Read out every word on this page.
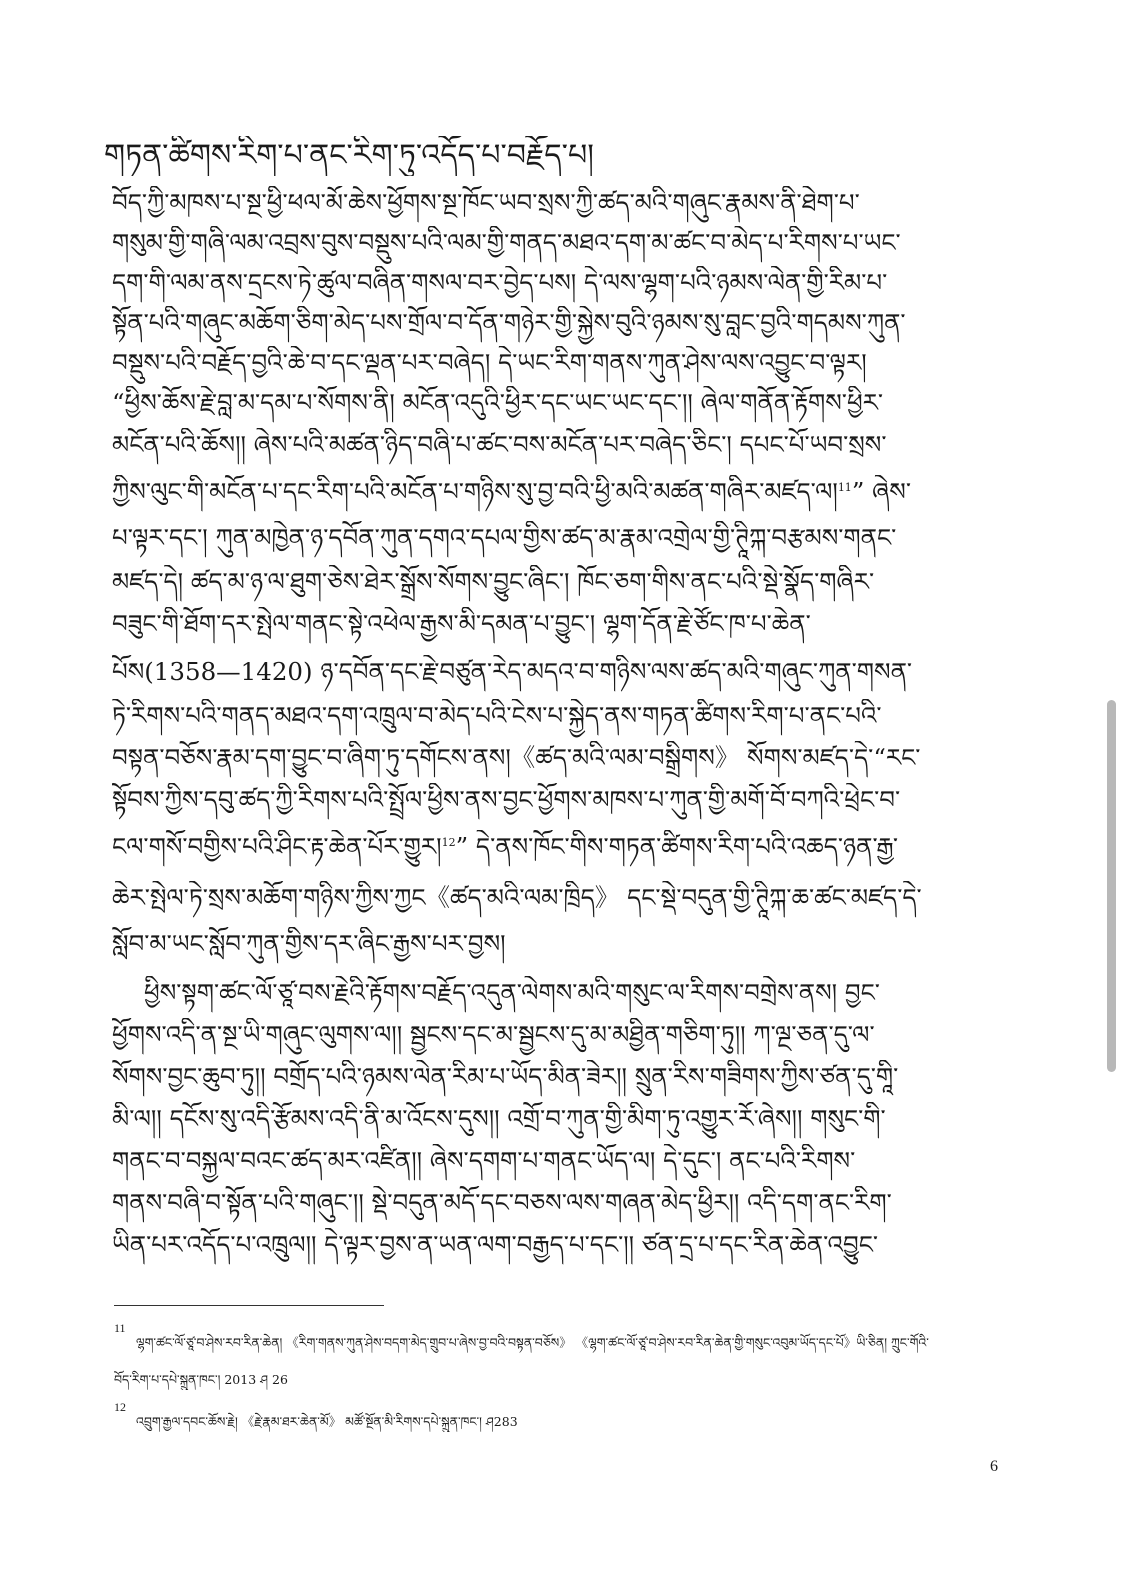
གཏན་ཚིགས་རིག་པ་ནང་རིག་ཏུ་འདོད་པ་བརྗོད་པ།
བོད་ཀྱི་མཁས་པ་སྔ་ཕྱི་ཕལ་མོ་ཆེས་ཕྱོགས་སྔ་ཁོང་ཡབ་སྲས་ཀྱི་ཚད་མའི་གཞུང་རྣམས་ནི་ཐེག་པ་
གསུམ་གྱི་གཞི་ལམ་འབྲས་བུས་བསྡུས་པའི་ལམ་གྱི་གནད་མཐའ་དག་མ་ཚང་བ་མེད་པ་རིགས་པ་ཡང་
དག་གི་ལམ་ནས་དྲངས་ཏེ་ཚུལ་བཞིན་གསལ་བར་བྱེད་པས། དེ་ལས་ལྷག་པའི་ཉམས་ལེན་གྱི་རིམ་པ་
སྟོན་པའི་གཞུང་མཆོག་ཅིག་མེད་པས་གྲོལ་བ་དོན་གཉེར་གྱི་སྐྱེས་བུའི་ཉམས་སུ་བླང་བྱའི་གདམས་ཀུན་
བསྡུས་པའི་བརྗོད་བྱའི་ཆེ་བ་དང་ལྡན་པར་བཞེད། དེ་ཡང་རིག་གནས་ཀུན་ཤེས་ལས་འབྱུང་བ་ལྟར།
“ཕྱིས་ཆོས་རྗེ་བླ་མ་དམ་པ་སོགས་ནི། མངོན་འདུའི་ཕྱིར་དང་ཡང་ཡང་དང་།། ཞེལ་གནོན་རྟོགས་ཕྱིར་
མངོན་པའི་ཆོས།། ཞེས་པའི་མཚན་ཉིད་བཞི་པ་ཚང་བས་མངོན་པར་བཞེད་ཅིང་། དཔང་པོ་ཡབ་སྲས་
ཀྱིས་ལུང་གི་མངོན་པ་དང་རིག་པའི་མངོན་པ་གཉིས་སུ་བྱ་བའི་ཕྱི་མའི་མཚན་གཞིར་མཛད་ལ།$^{11}$” ཞེས་
པ་ལྟར་དང་། ཀུན་མཁྱེན་ཉ་དབོན་ཀུན་དགའ་དཔལ་གྱིས་ཚད་མ་རྣམ་འགྲེལ་གྱི་ཊཱིཀྐ་བརྩམས་གནང་
མཛད་དེ། ཚད་མ་ཉ་ལ་ཐུག་ཅེས་ཐེར་སྒྲོས་སོགས་བྱུང་ཞིང་། ཁོང་ཅག་གིས་ནང་པའི་སྡེ་སྣོད་གཞིར་
བཟུང་གི་ཐོག་དར་སྤེལ་གནང་སྟེ་འཕེལ་རྒྱས་མི་དམན་པ་བྱུང་། ལྷག་དོན་རྗེ་ཙོང་ཁ་པ་ཆེན་
པོས(1358—1420) ཉ་དབོན་དང་རྗེ་བཙུན་རེད་མདའ་བ་གཉིས་ལས་ཚད་མའི་གཞུང་ཀུན་གསན་
ཏེ་རིགས་པའི་གནད་མཐའ་དག་འཁྲུལ་བ་མེད་པའི་ངེས་པ་སྐྱེད་ནས་གཏན་ཚིགས་རིག་པ་ནང་པའི་
བསྟན་བཅོས་རྣམ་དག་བྱུང་བ་ཞིག་ཏུ་དགོངས་ནས།《ཚད་མའི་ལམ་བསྒྲིགས》 སོགས་མཛད་དེ་“རང་
སྟོབས་ཀྱིས་དབུ་ཚད་ཀྱི་རིགས་པའི་སྤྲོལ་ཕྱིས་ནས་བྱང་ཕྱོགས་མཁས་པ་ཀུན་གྱི་མགོ་བོ་བཀའི་ཕྲེང་བ་
ངལ་གསོ་བགྱིས་པའི་ཤིང་རྟ་ཆེན་པོར་གྱུར།$^{12}$” དེ་ནས་ཁོང་གིས་གཏན་ཚིགས་རིག་པའི་འཆད་ཉན་རྒྱ་
ཆེར་སྤེལ་ཏེ་སྲས་མཆོག་གཉིས་ཀྱིས་ཀྱང《ཚད་མའི་ལམ་ཁྲིད》 དང་སྡེ་བདུན་གྱི་ཊཱིཀྐ་ཆ་ཚང་མཛད་དེ་
སློབ་མ་ཡང་སློབ་ཀུན་གྱིས་དར་ཞིང་རྒྱས་པར་བྱས།
ཕྱིས་སྟག་ཚང་ལོ་ཙཱ་བས་རྗེའི་རྟོགས་བརྗོད་འདུན་ལེགས་མའི་གསུང་ལ་རིགས་བགྲེས་ནས། བྱང་
ཕྱོགས་འདི་ན་སྔ་ཡི་གཞུང་ལུགས་ལ།། སྦྱངས་དང་མ་སྦྱངས་དུ་མ་མཐྱིན་གཅིག་ཏུ།། ཀ་ལྔ་ཅན་དུ་ལ་
སོགས་བྱང་ཆུབ་ཏུ།། བགྲོད་པའི་ཉམས་ལེན་རིམ་པ་ཡོད་མིན་ཟེར།། སྲུན་རིས་གཟིགས་ཀྱིས་ཙན་དུ་གཱི་
མི་ལ།། དངོས་སུ་འདི་རྩོམས་འདི་ནི་མ་འོངས་དུས།། འགྲོ་བ་ཀུན་གྱི་མིག་ཏུ་འགྱུར་རོ་ཞེས།། གསུང་གི་
གནང་བ་བསྐྱལ་བའང་ཚད་མར་འཛིན།། ཞེས་དགག་པ་གནང་ཡོད་ལ། དེ་དུང་། ནང་པའི་རིགས་
གནས་བཞི་བ་སྟོན་པའི་གཞུང་།། སྡེ་བདུན་མདོ་དང་བཅས་ལས་གཞན་མེད་ཕྱིར།། འདི་དག་ནང་རིག་
ཡིན་པར་འདོད་པ་འཁྲུལ།། དེ་ལྟར་བྱས་ན་ཡན་ལག་བརྒྱད་པ་དང་།། ཙན་དྲ་པ་དང་རིན་ཆེན་འབྱུང་
11
ལྷག་ཚང་ལོ་ཙཱ་བ་ཤེས་རབ་རིན་ཆེན། 《རིག་གནས་ཀུན་ཤེས་བདག་མེད་གྲུབ་པ་ཞེས་བྱ་བའི་བསྟན་བཅོས》 《ལྷག་ཚང་ལོ་ཙཱ་བ་ཤེས་རབ་རིན་ཆེན་གྱི་གསུང་འབུམ་ཡོད་དང་པོ》ཡི་ཅིན། ཀྲུང་གོའི་
བོད་རིག་པ་དཔེ་སྐྲུན་ཁང་། 2013 ཤ 26
12
འབྲུག་རྒྱལ་དབང་ཆོས་རྗེ། 《རྗེ་རྣམ་ཐར་ཆེན་མོ》 མཚོ་སྔོན་མི་རིགས་དཔེ་སྐྲུན་ཁང་། ཤ283
6
